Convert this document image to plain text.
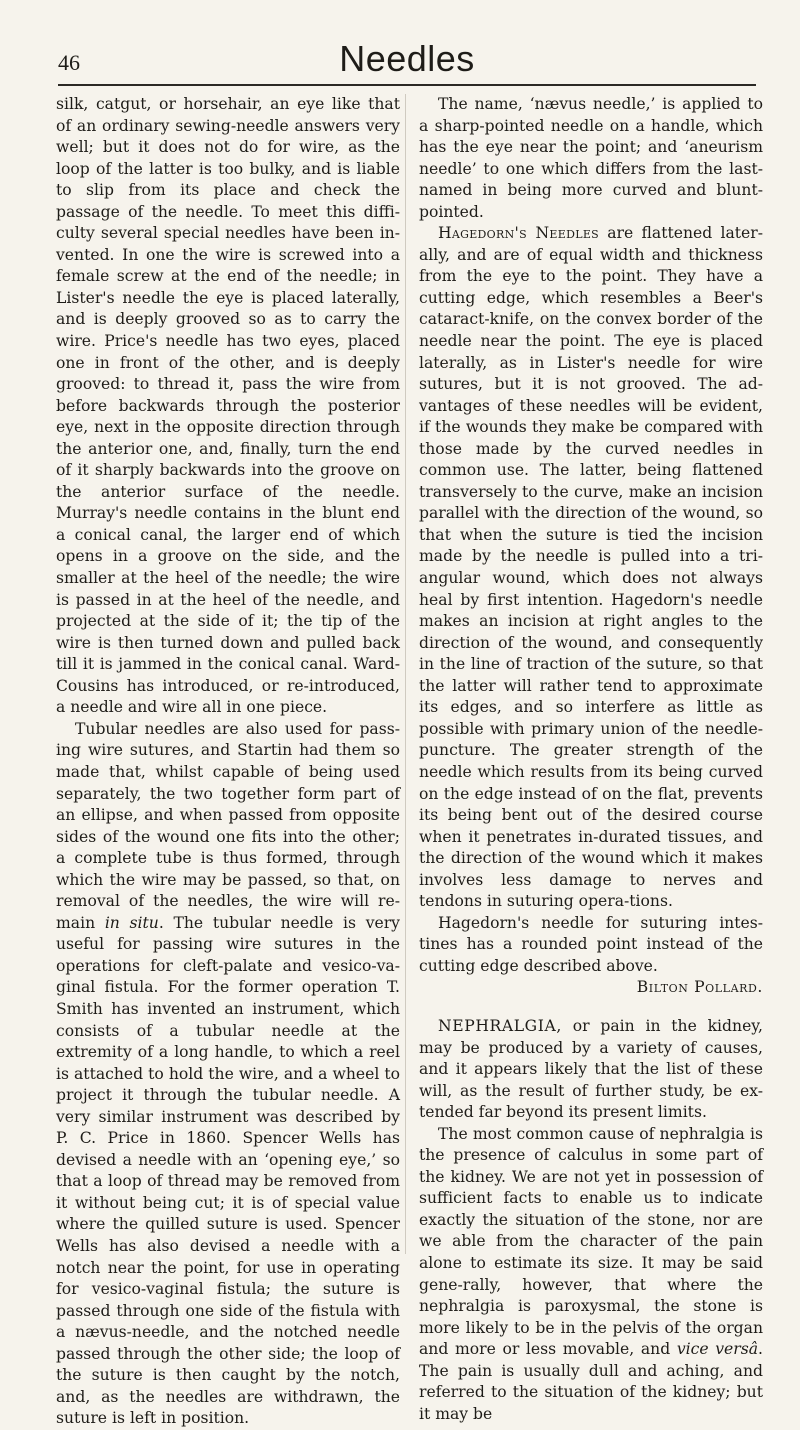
46	Needles

silk, catgut, or horsehair, an eye like that of an ordinary sewing-needle answers very well; but it does not do for wire, as the loop of the latter is too bulky, and is liable to slip from its place and check the passage of the needle. To meet this diffi-culty several special needles have been in-vented. In one the wire is screwed into a female screw at the end of the needle; in Lister's needle the eye is placed laterally, and is deeply grooved so as to carry the wire. Price's needle has two eyes, placed one in front of the other, and is deeply grooved: to thread it, pass the wire from before backwards through the posterior eye, next in the opposite direction through the anterior one, and, finally, turn the end of it sharply backwards into the groove on the anterior surface of the needle. Murray's needle contains in the blunt end a conical canal, the larger end of which opens in a groove on the side, and the smaller at the heel of the needle; the wire is passed in at the heel of the needle, and projected at the side of it; the tip of the wire is then turned down and pulled back till it is jammed in the conical canal. Ward-Cousins has introduced, or re-introduced, a needle and wire all in one piece.

Tubular needles are also used for pass-ing wire sutures, and Startin had them so made that, whilst capable of being used separately, the two together form part of an ellipse, and when passed from opposite sides of the wound one fits into the other; a complete tube is thus formed, through which the wire may be passed, so that, on removal of the needles, the wire will re-main in situ. The tubular needle is very useful for passing wire sutures in the operations for cleft-palate and vesico-va-ginal fistula. For the former operation T. Smith has invented an instrument, which consists of a tubular needle at the extremity of a long handle, to which a reel is attached to hold the wire, and a wheel to project it through the tubular needle. A very similar instrument was described by P. C. Price in 1860. Spencer Wells has devised a needle with an ‘opening eye,’ so that a loop of thread may be removed from it without being cut; it is of special value where the quilled suture is used. Spencer Wells has also devised a needle with a notch near the point, for use in operating for vesico-vaginal fistula; the suture is passed through one side of the fistula with a nævus-needle, and the notched needle passed through the other side; the loop of the suture is then caught by the notch, and, as the needles are withdrawn, the suture is left in position.

The name, ‘nævus needle,’ is applied to a sharp-pointed needle on a handle, which has the eye near the point; and ‘aneurism needle’ to one which differs from the last-named in being more curved and blunt-pointed.

Hagedorn's Needles are flattened later-ally, and are of equal width and thickness from the eye to the point. They have a cutting edge, which resembles a Beer's cataract-knife, on the convex border of the needle near the point. The eye is placed laterally, as in Lister's needle for wire sutures, but it is not grooved. The ad-vantages of these needles will be evident, if the wounds they make be compared with those made by the curved needles in common use. The latter, being flattened transversely to the curve, make an incision parallel with the direction of the wound, so that when the suture is tied the incision made by the needle is pulled into a tri-angular wound, which does not always heal by first intention. Hagedorn's needle makes an incision at right angles to the direction of the wound, and consequently in the line of traction of the suture, so that the latter will rather tend to approximate its edges, and so interfere as little as possible with primary union of the needle-puncture. The greater strength of the needle which results from its being curved on the edge instead of on the flat, prevents its being bent out of the desired course when it penetrates in-durated tissues, and the direction of the wound which it makes involves less damage to nerves and tendons in suturing opera-tions.

Hagedorn's needle for suturing intes-tines has a rounded point instead of the cutting edge described above.

Bilton Pollard.

NEPHRALGIA, or pain in the kidney, may be produced by a variety of causes, and it appears likely that the list of these will, as the result of further study, be ex-tended far beyond its present limits.

The most common cause of nephralgia is the presence of calculus in some part of the kidney. We are not yet in possession of sufficient facts to enable us to indicate exactly the situation of the stone, nor are we able from the character of the pain alone to estimate its size. It may be said gene-rally, however, that where the nephralgia is paroxysmal, the stone is more likely to be in the pelvis of the organ and more or less movable, and vice versâ. The pain is usually dull and aching, and referred to the situation of the kidney; but it may be
